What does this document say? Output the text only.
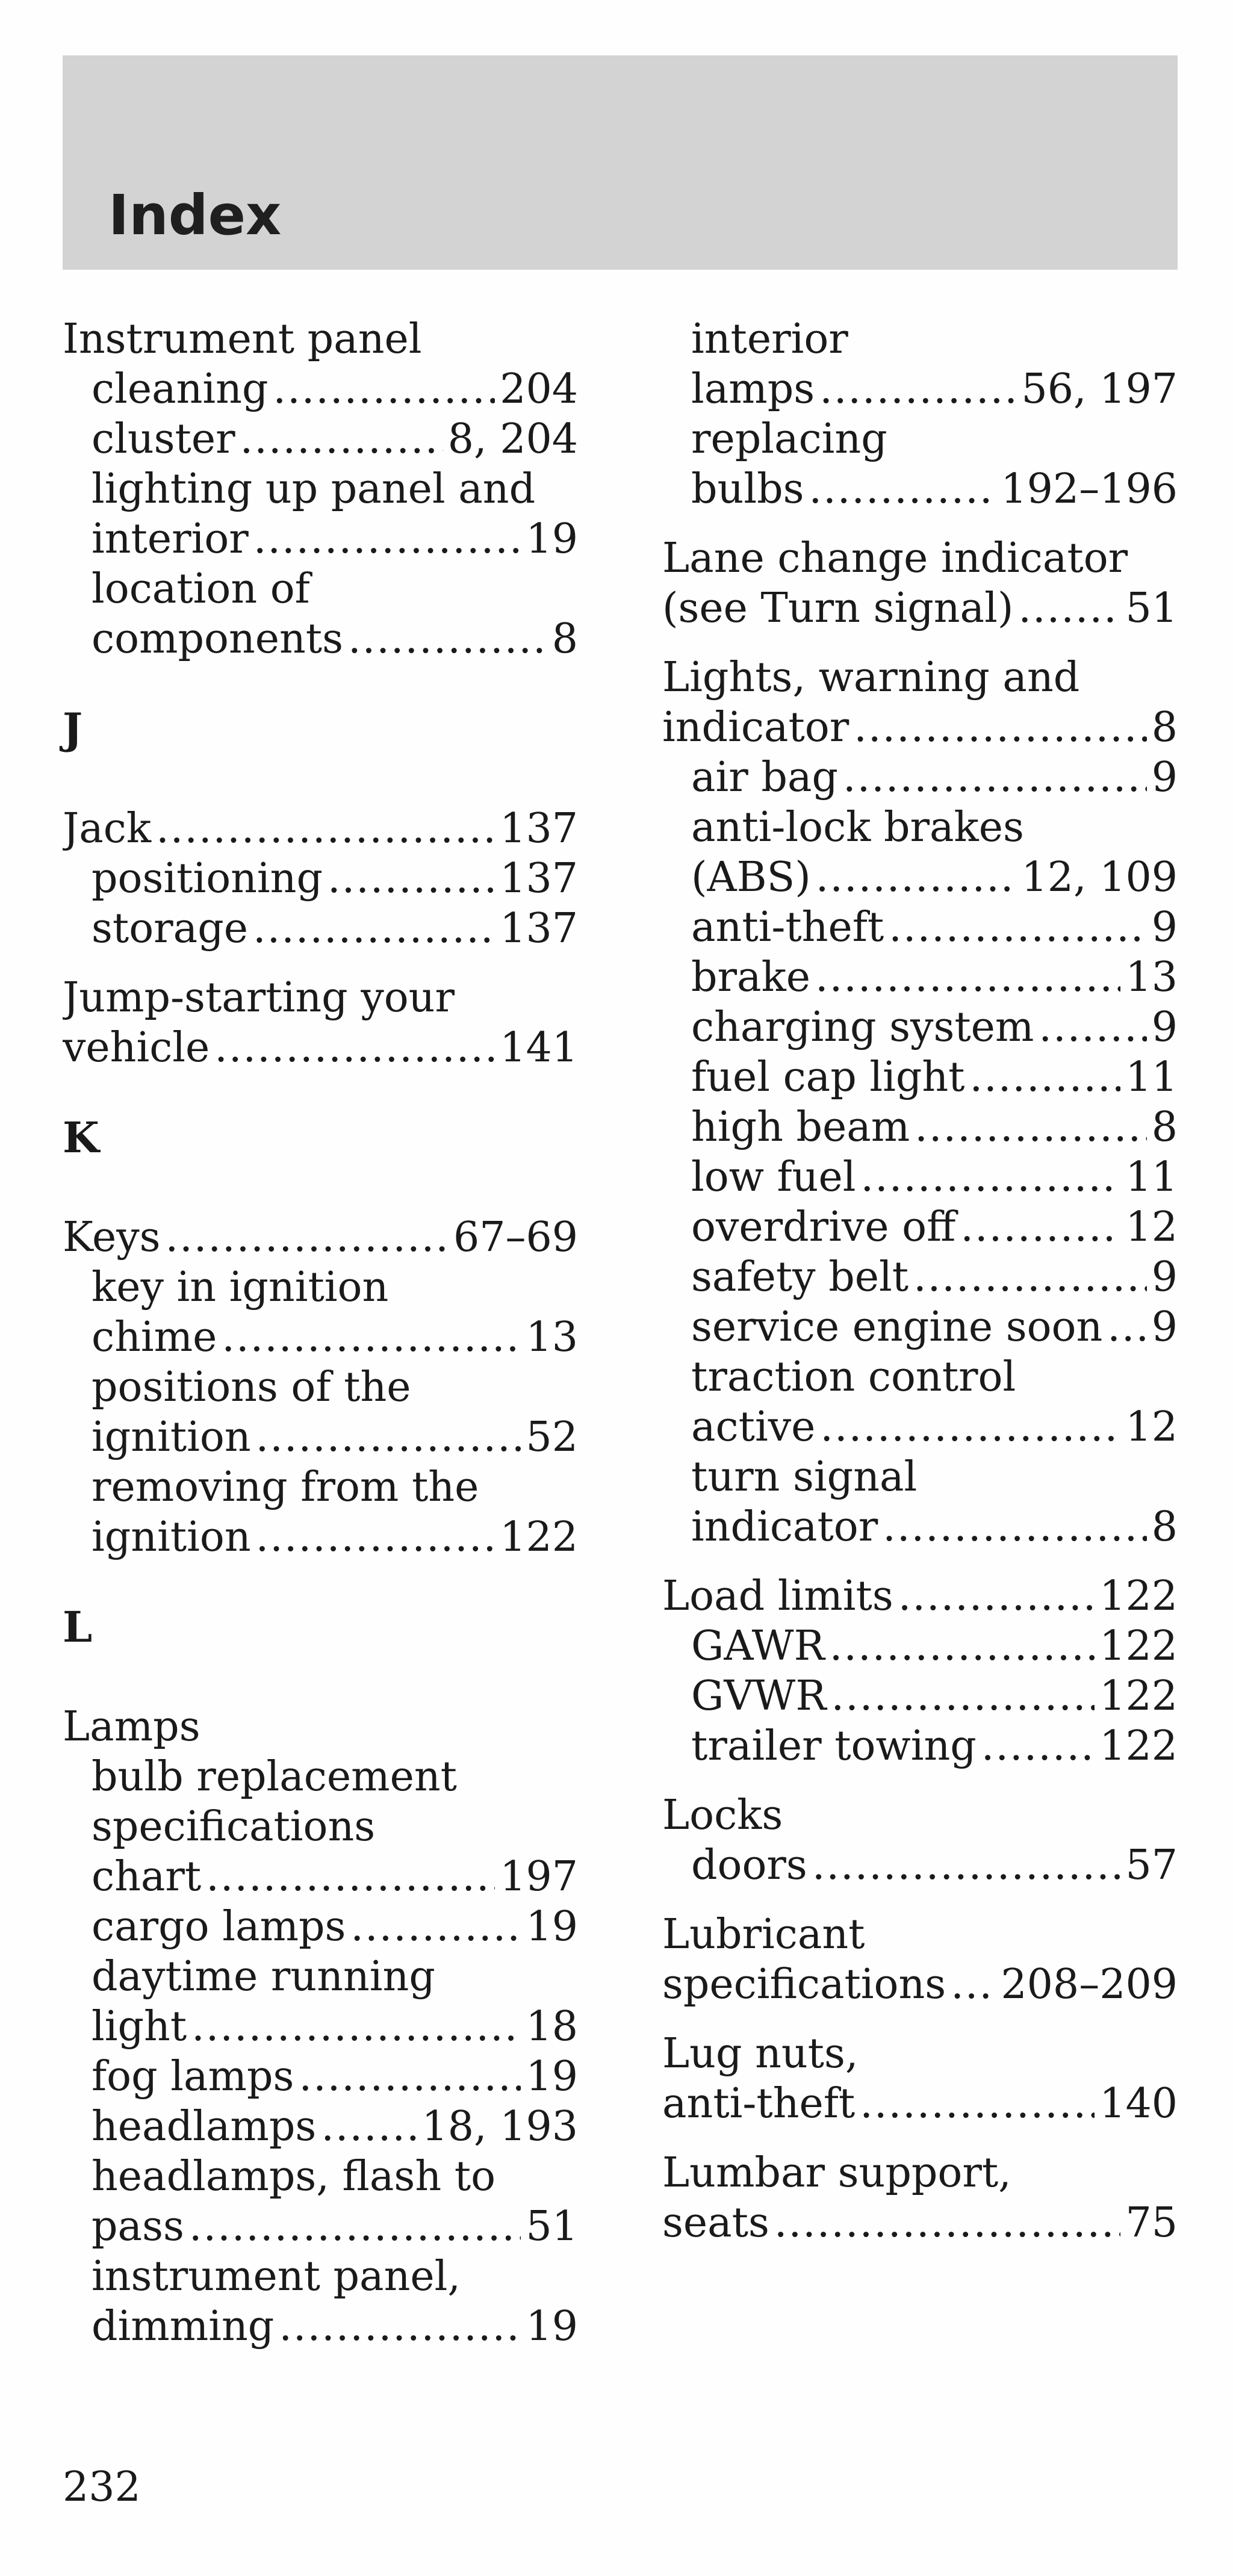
Index
Instrument panel
cleaning .....	204
cluster .....	8, 204
lighting up panel and
interior .....	19
location of
components .....	8
J
Jack .....	137
positioning .....	137
storage .....	137
Jump-starting your
vehicle .....	141
K
Keys .....	67–69
key in ignition
chime .....	13
positions of the
ignition .....	52
removing from the
ignition .....	122
L
Lamps
bulb replacement
specifications
chart .....	197
cargo lamps .....	19
daytime running
light .....	18
fog lamps .....	19
headlamps .....	18, 193
headlamps, flash to
pass .....	51
instrument panel,
dimming .....	19
interior
lamps .....	56, 197
replacing
bulbs .....	192–196
Lane change indicator
(see Turn signal) .....	51
Lights, warning and
indicator .....	8
air bag .....	9
anti-lock brakes
(ABS) .....	12, 109
anti-theft .....	9
brake .....	13
charging system .....	9
fuel cap light .....	11
high beam .....	8
low fuel .....	11
overdrive off .....	12
safety belt .....	9
service engine soon ..... 9
traction control
active .....	12
turn signal
indicator .....	8
Load limits .....	122
GAWR .....	122
GVWR .....	122
trailer towing .....	122
Locks
doors .....	57
Lubricant
specifications ..... 208–209
Lug nuts,
anti-theft .....	140
Lumbar support,
seats .....	75
232
